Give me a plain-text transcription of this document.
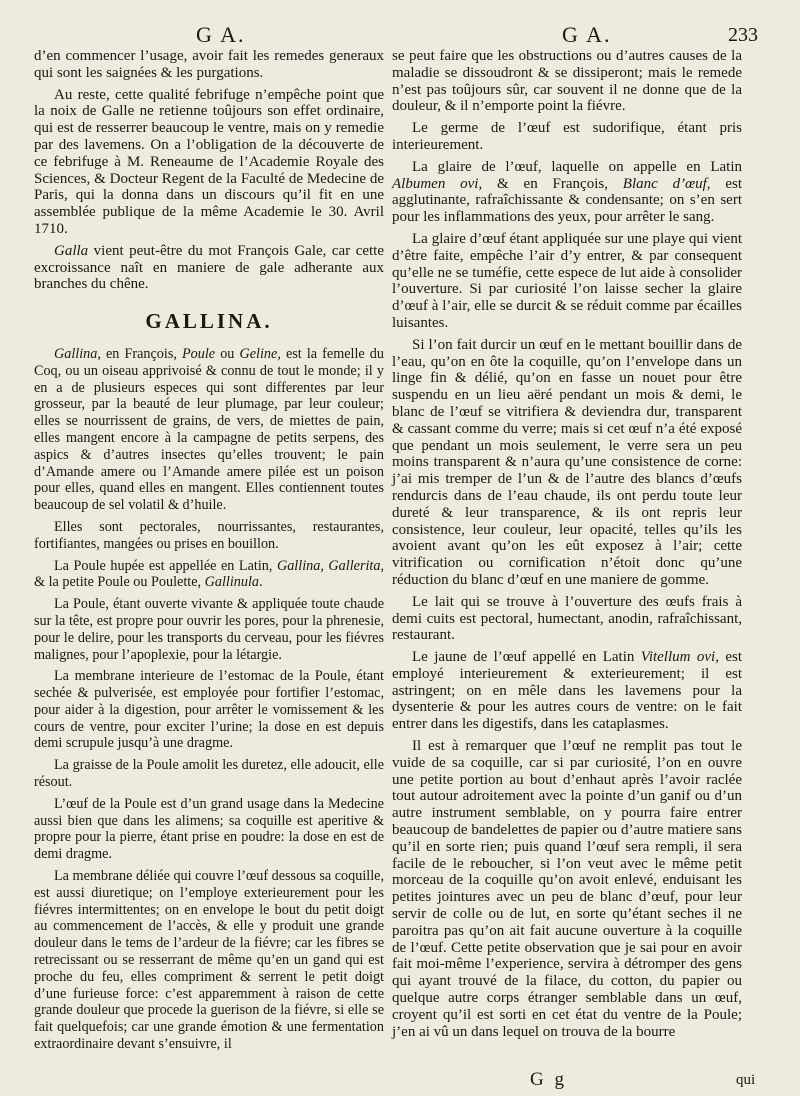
G A.	G A.	233

d’en commencer l’usage, avoir fait les remedes generaux qui sont les saignées & les purgations.

Au reste, cette qualité febrifuge n’empêche point que la noix de Galle ne retienne toûjours son effet ordinaire, qui est de resserrer beaucoup le ventre, mais on y remedie par des lavemens. On a l’obligation de la découverte de ce febrifuge à M. Reneaume de l’Academie Royale des Sciences, & Docteur Regent de la Faculté de Medecine de Paris, qui la donna dans un discours qu’il fit en une assemblée publique de la même Academie le 30. Avril 1710.

Galla vient peut-être du mot François Gale, car cette excroissance naît en maniere de gale adherante aux branches du chêne.

GALLINA.

Gallina, en François, Poule ou Geline, est la femelle du Coq, ou un oiseau apprivoisé & connu de tout le monde; il y en a de plusieurs especes qui sont differentes par leur grosseur, par la beauté de leur plumage, par leur couleur; elles se nourrissent de grains, de vers, de miettes de pain, elles mangent encore à la campagne de petits serpens, des aspics & d’autres insectes qu’elles trouvent; le pain d’Amande amere ou l’Amande amere pilée est un poison pour elles, quand elles en mangent. Elles contiennent toutes beaucoup de sel volatil & d’huile.

Elles sont pectorales, nourrissantes, restaurantes, fortifiantes, mangées ou prises en bouillon.

La Poule hupée est appellée en Latin, Gallina, Gallerita, & la petite Poule ou Poulette, Gallinula.

La Poule, étant ouverte vivante & appliquée toute chaude sur la tête, est propre pour ouvrir les pores, pour la phrenesie, pour le delire, pour les transports du cerveau, pour les fiévres malignes, pour l’apoplexie, pour la létargie.

La membrane interieure de l’estomac de la Poule, étant sechée & pulverisée, est employée pour fortifier l’estomac, pour aider à la digestion, pour arrêter le vomissement & les cours de ventre, pour exciter l’urine; la dose en est depuis demi scrupule jusqu’à une dragme.

La graisse de la Poule amolit les duretez, elle adoucit, elle résout.

L’œuf de la Poule est d’un grand usage dans la Medecine aussi bien que dans les alimens; sa coquille est aperitive & propre pour la pierre, étant prise en poudre: la dose en est de demi dragme.

La membrane déliée qui couvre l’œuf dessous sa coquille, est aussi diuretique; on l’employe exterieurement pour les fiévres intermittentes; on en envelope le bout du petit doigt au commencement de l’accès, & elle y produit une grande douleur dans le tems de l’ardeur de la fiévre; car les fibres se retrecissant ou se resserrant de même qu’en un gand qui est proche du feu, elles compriment & serrent le petit doigt d’une furieuse force: c’est apparemment à raison de cette grande douleur que procede la guerison de la fiévre, si elle se fait quelquefois; car une grande émotion & une fermentation extraordinaire devant s’ensuivre, il

se peut faire que les obstructions ou d’autres causes de la maladie se dissoudront & se dissiperont; mais le remede n’est pas toûjours sûr, car souvent il ne donne que de la douleur, & il n’emporte point la fiévre.

Le germe de l’œuf est sudorifique, étant pris interieurement.

La glaire de l’œuf, laquelle on appelle en Latin Albumen ovi, & en François, Blanc d’œuf, est agglutinante, rafraîchissante & condensante; on s’en sert pour les inflammations des yeux, pour arrêter le sang.

La glaire d’œuf étant appliquée sur une playe qui vient d’être faite, empêche l’air d’y entrer, & par consequent qu’elle ne se tuméfie, cette espece de lut aide à consolider l’ouverture. Si par curiosité l’on laisse secher la glaire d’œuf à l’air, elle se durcit & se réduit comme par écailles luisantes.

Si l’on fait durcir un œuf en le mettant bouillir dans de l’eau, qu’on en ôte la coquille, qu’on l’envelope dans un linge fin & délié, qu’on en fasse un nouet pour être suspendu en un lieu aëré pendant un mois & demi, le blanc de l’œuf se vitrifiera & deviendra dur, transparent & cassant comme du verre; mais si cet œuf n’a été exposé que pendant un mois seulement, le verre sera un peu moins transparent & n’aura qu’une consistence de corne: j’ai mis tremper de l’un & de l’autre des blancs d’œufs rendurcis dans de l’eau chaude, ils ont perdu toute leur dureté & leur transparence, & ils ont repris leur consistence, leur couleur, leur opacité, telles qu’ils les avoient avant qu’on les eût exposez à l’air; cette vitrification ou cornification n’étoit donc qu’une réduction du blanc d’œuf en une maniere de gomme.

Le lait qui se trouve à l’ouverture des œufs frais à demi cuits est pectoral, humectant, anodin, rafraîchissant, restaurant.

Le jaune de l’œuf appellé en Latin Vitellum ovi, est employé interieurement & exterieurement; il est astringent; on en mêle dans les lavemens pour la dysenterie & pour les autres cours de ventre: on le fait entrer dans les digestifs, dans les cataplasmes.

Il est à remarquer que l’œuf ne remplit pas tout le vuide de sa coquille, car si par curiosité, l’on en ouvre une petite portion au bout d’enhaut après l’avoir raclée tout autour adroitement avec la pointe d’un ganif ou d’un autre instrument semblable, on y pourra faire entrer beaucoup de bandelettes de papier ou d’autre matiere sans qu’il en sorte rien; puis quand l’œuf sera rempli, il sera facile de le reboucher, si l’on veut avec le même petit morceau de la coquille qu’on avoit enlevé, enduisant les petites jointures avec un peu de blanc d’œuf, pour leur servir de colle ou de lut, en sorte qu’étant seches il ne paroitra pas qu’on ait fait aucune ouverture à la coquille de l’œuf. Cette petite observation que je sai pour en avoir fait moi-même l’experience, servira à détromper des gens qui ayant trouvé de la filace, du cotton, du papier ou quelque autre corps étranger semblable dans un œuf, croyent qu’il est sorti en cet état du ventre de la Poule; j’en ai vû un dans lequel on trouva de la bourre

G g	qui
